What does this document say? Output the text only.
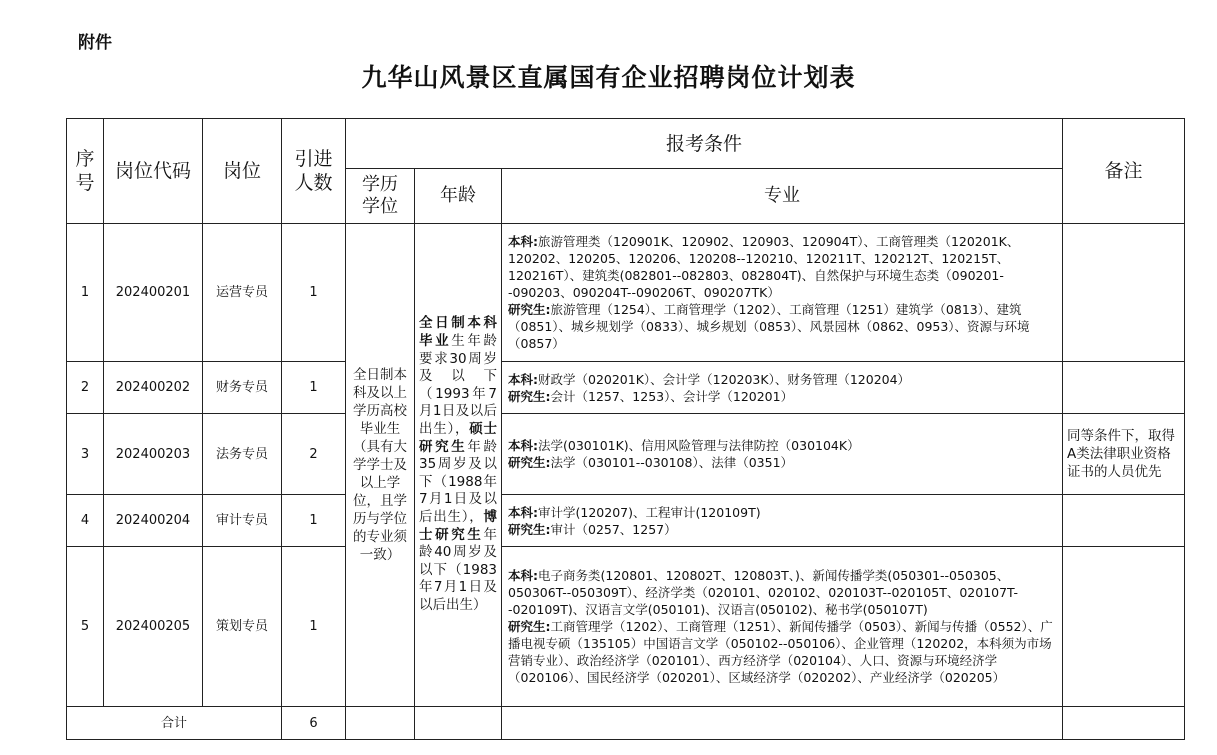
附件
九华山风景区直属国有企业招聘岗位计划表
序号	岗位代码	岗位	引进人数	报考条件			备注

				学历学位	年龄	专业	
1	202400201	运营专员	1	全日制本科及以上学历高校毕业生（具有大学学士及以上学位，且学历与学位的专业须一致）	全日制本科毕业生年龄要求30周岁及以下（1993年7月1日及以后出生），硕士研究生年龄35周岁及以下（1988年7月1日及以后出生），博士研究生年龄40周岁及以下（1983年7月1日及以后出生）	本科:旅游管理类（120901K、120902、120903、120904T）、工商管理类（120201K、120202、120205、120206、120208--120210、120211T、120212T、120215T、120216T）、建筑类(082801--082803、082804T)、自然保护与环境生态类（090201--090203、090204T--090206T、090207TK）
研究生:旅游管理（1254）、工商管理学（1202）、工商管理（1251）建筑学（0813）、建筑（0851）、城乡规划学（0833）、城乡规划（0853）、风景园林（0862、0953）、资源与环境（0857）	
2	202400202	财务专员	1			本科:财政学（020201K）、会计学（120203K）、财务管理（120204）
研究生:会计（1257、1253）、会计学（120201）	
3	202400203	法务专员	2			本科:法学(030101K)、信用风险管理与法律防控（030104K）
研究生:法学（030101--030108）、法律（0351）	同等条件下，取得A类法律职业资格证书的人员优先
4	202400204	审计专员	1			本科:审计学(120207)、工程审计(120109T)
研究生:审计（0257、1257）	
5	202400205	策划专员	1			本科:电子商务类(120801、120802T、120803T、)、新闻传播学类(050301--050305、050306T--050309T）、经济学类（020101、020102、020103T--020105T、020107T--020109T)、汉语言文学(050101)、汉语言(050102)、秘书学(050107T)
研究生:工商管理学（1202）、工商管理（1251）、新闻传播学（0503）、新闻与传播（0552）、广播电视专硕（135105）中国语言文学（050102--050106）、企业管理（120202，本科须为市场营销专业）、政治经济学（020101）、西方经济学（020104）、人口、资源与环境经济学（020106）、国民经济学（020201）、区域经济学（020202）、产业经济学（020205）	
合计			6				
